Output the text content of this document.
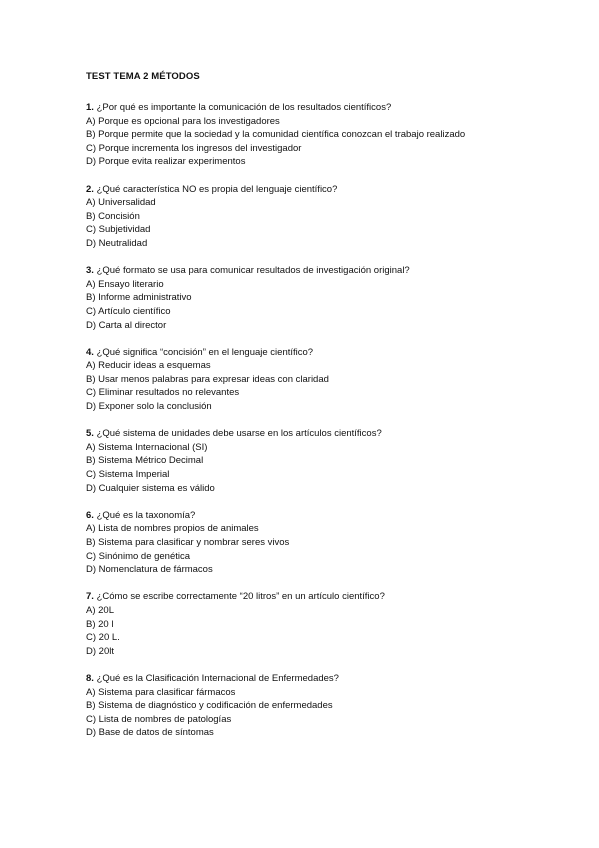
TEST TEMA 2 MÉTODOS
1. ¿Por qué es importante la comunicación de los resultados científicos?
A) Porque es opcional para los investigadores
B) Porque permite que la sociedad y la comunidad científica conozcan el trabajo realizado
C) Porque incrementa los ingresos del investigador
D) Porque evita realizar experimentos
2. ¿Qué característica NO es propia del lenguaje científico?
A) Universalidad
B) Concisión
C) Subjetividad
D) Neutralidad
3. ¿Qué formato se usa para comunicar resultados de investigación original?
A) Ensayo literario
B) Informe administrativo
C) Artículo científico
D) Carta al director
4. ¿Qué significa “concisión” en el lenguaje científico?
A) Reducir ideas a esquemas
B) Usar menos palabras para expresar ideas con claridad
C) Eliminar resultados no relevantes
D) Exponer solo la conclusión
5. ¿Qué sistema de unidades debe usarse en los artículos científicos?
A) Sistema Internacional (SI)
B) Sistema Métrico Decimal
C) Sistema Imperial
D) Cualquier sistema es válido
6. ¿Qué es la taxonomía?
A) Lista de nombres propios de animales
B) Sistema para clasificar y nombrar seres vivos
C) Sinónimo de genética
D) Nomenclatura de fármacos
7. ¿Cómo se escribe correctamente “20 litros” en un artículo científico?
A) 20L
B) 20 l
C) 20 L.
D) 20lt
8. ¿Qué es la Clasificación Internacional de Enfermedades?
A) Sistema para clasificar fármacos
B) Sistema de diagnóstico y codificación de enfermedades
C) Lista de nombres de patologías
D) Base de datos de síntomas
